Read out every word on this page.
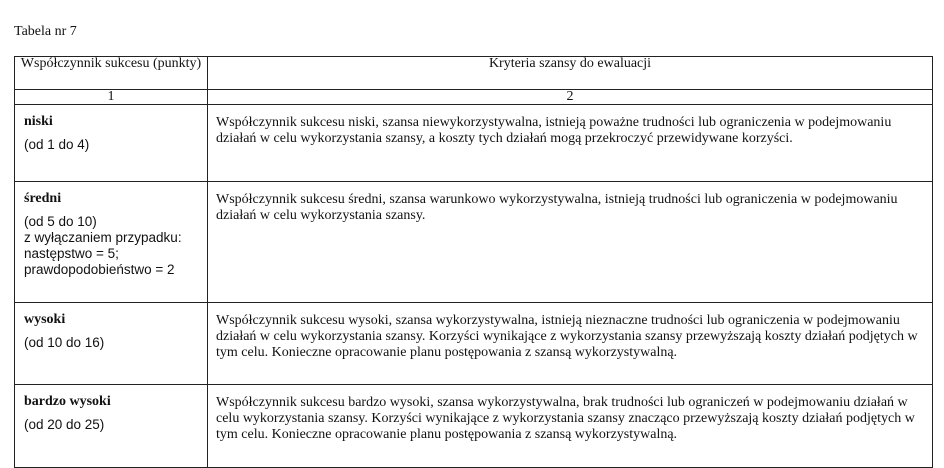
Tabela nr 7
Współczynnik sukcesu (punkty)	Kryteria szansy do ewaluacji
1	2

niski
(od 1 do 4)	Współczynnik sukcesu niski, szansa niewykorzystywalna, istnieją poważne trudności lub ograniczenia w podejmowaniu działań w celu wykorzystania szansy, a koszty tych działań mogą przekroczyć przewidywane korzyści.

średni
(od 5 do 10)
z wyłączaniem przypadku:
następstwo = 5;
prawdopodobieństwo = 2	Współczynnik sukcesu średni, szansa warunkowo wykorzystywalna, istnieją trudności lub ograniczenia w podejmowaniu działań w celu wykorzystania szansy.

wysoki
(od 10 do 16)	Współczynnik sukcesu wysoki, szansa wykorzystywalna, istnieją nieznaczne trudności lub ograniczenia w podejmowaniu działań w celu wykorzystania szansy. Korzyści wynikające z wykorzystania szansy przewyższają koszty działań podjętych w tym celu. Konieczne opracowanie planu postępowania z szansą wykorzystywalną.

bardzo wysoki
(od 20 do 25)	Współczynnik sukcesu bardzo wysoki, szansa wykorzystywalna, brak trudności lub ograniczeń w podejmowaniu działań w celu wykorzystania szansy. Korzyści wynikające z wykorzystania szansy znacząco przewyższają koszty działań podjętych w tym celu. Konieczne opracowanie planu postępowania z szansą wykorzystywalną.
